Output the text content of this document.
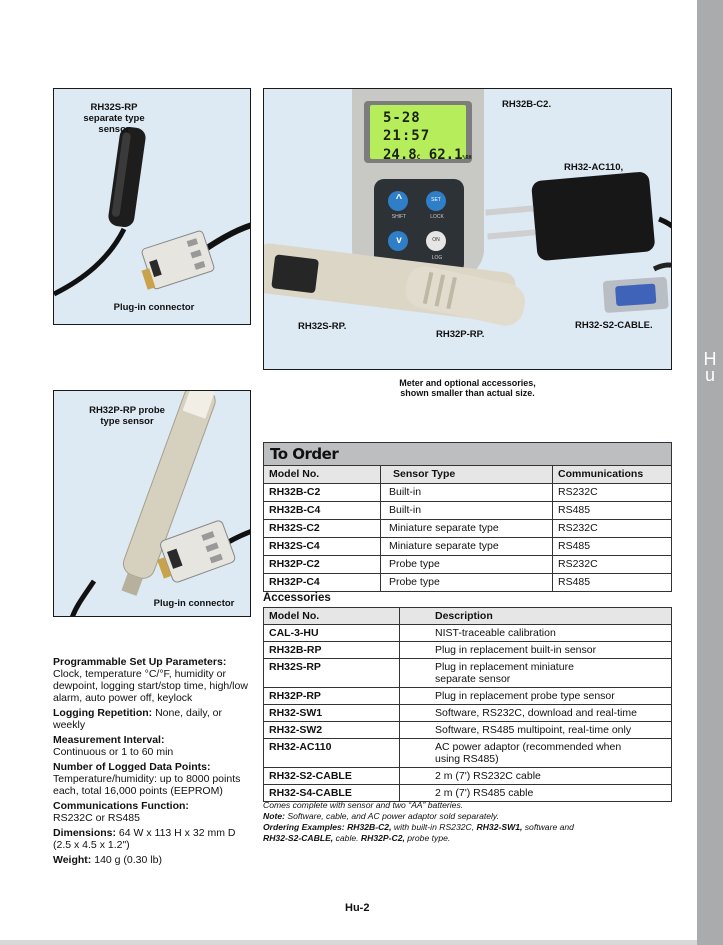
H
u
RH32S-RP
separate type
sensor
Plug-in connector
5-28 21:57
24.8C 62.1%RH
^	SET
v	ON
SHIFT	LOCK
LOG
RH32B-C2.
RH32-AC110,
RH32S-RP.
RH32P-RP.
RH32-S2-CABLE.
Meter and optional accessories,
shown smaller than actual size.
RH32P-RP probe
type sensor
Plug-in connector
To Order
Model No.	Sensor Type	Communications
RH32B-C2	Built-in	RS232C
RH32B-C4	Built-in	RS485
RH32S-C2	Miniature separate type	RS232C
RH32S-C4	Miniature separate type	RS485
RH32P-C2	Probe type	RS232C
RH32P-C4	Probe type	RS485
Accessories
Model No.	Description
CAL-3-HU	NIST-traceable calibration
RH32B-RP	Plug in replacement built-in sensor
RH32S-RP	Plug in replacement miniature
separate sensor
RH32P-RP	Plug in replacement probe type sensor
RH32-SW1	Software, RS232C, download and real-time
RH32-SW2	Software, RS485 multipoint, real-time only
RH32-AC110	AC power adaptor (recommended when
using RS485)
RH32-S2-CABLE	2 m (7') RS232C cable
RH32-S4-CABLE	2 m (7') RS485 cable
Comes complete with sensor and two “AA” batteries.
Note: Software, cable, and AC power adaptor sold separately.
Ordering Examples: RH32B-C2, with built-in RS232C, RH32-SW1, software and
RH32-S2-CABLE, cable. RH32P-C2, probe type.

Programmable Set Up Parameters:
Clock, temperature °C/°F, humidity or dewpoint, logging start/stop time, high/low alarm, auto power off, keylock

Logging Repetition: None, daily, or weekly

Measurement Interval:
Continuous or 1 to 60 min

Number of Logged Data Points:
Temperature/humidity: up to 8000 points each, total 16,000 points (EEPROM)

Communications Function:
RS232C or RS485

Dimensions: 64 W x 113 H x 32 mm D (2.5 x 4.5 x 1.2")

Weight: 140 g (0.30 lb)

Hu-2
